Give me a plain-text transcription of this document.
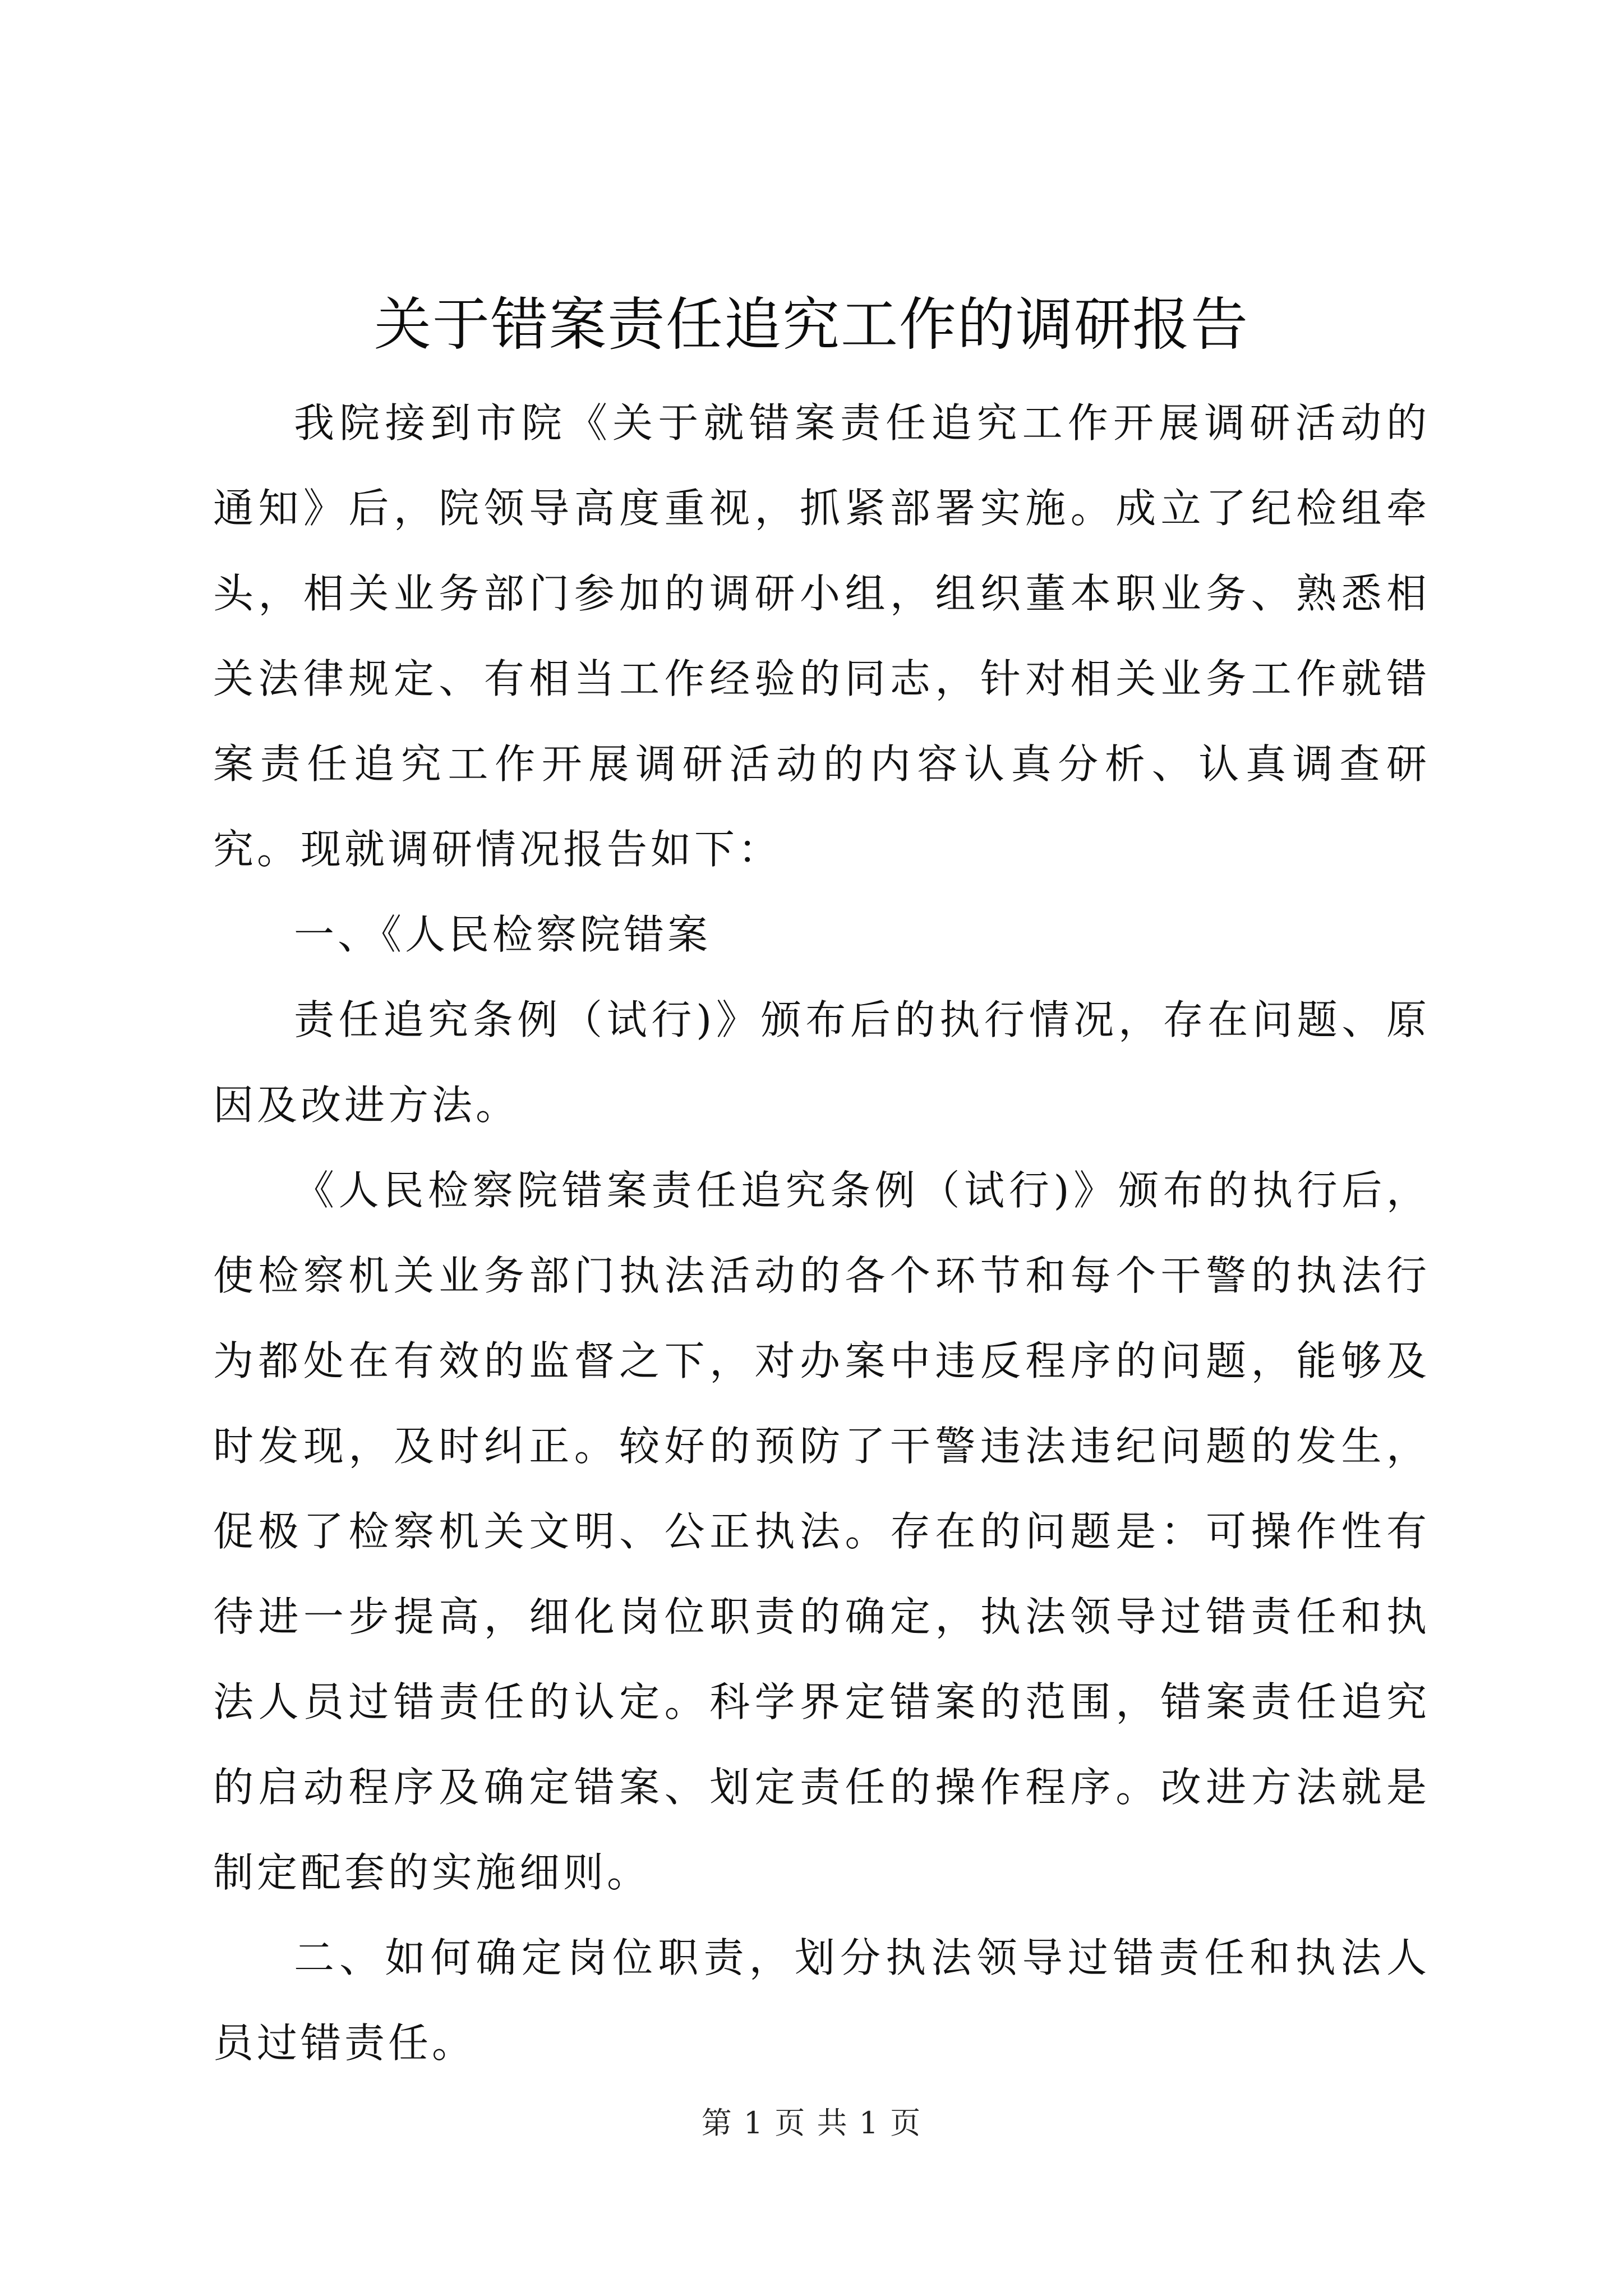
关于错案责任追究工作的调研报告

我院接到市院《关于就错案责任追究工作开展调研活动的通知》后，院领导高度重视，抓紧部署实施。成立了纪检组牵头，相关业务部门参加的调研小组，组织董本职业务、熟悉相关法律规定、有相当工作经验的同志，针对相关业务工作就错案责任追究工作开展调研活动的内容认真分析、认真调查研究。现就调研情况报告如下：

一、《人民检察院错案

责任追究条例（试行)》颁布后的执行情况，存在问题、原因及改进方法。

《人民检察院错案责任追究条例（试行)》颁布的执行后，使检察机关业务部门执法活动的各个环节和每个干警的执法行为都处在有效的监督之下，对办案中违反程序的问题，能够及时发现，及时纠正。较好的预防了干警违法违纪问题的发生，促极了检察机关文明、公正执法。存在的问题是：可操作性有待进一步提高，细化岗位职责的确定，执法领导过错责任和执法人员过错责任的认定。科学界定错案的范围，错案责任追究的启动程序及确定错案、划定责任的操作程序。改进方法就是制定配套的实施细则。

二、如何确定岗位职责，划分执法领导过错责任和执法人员过错责任。

第 1 页 共 1 页
